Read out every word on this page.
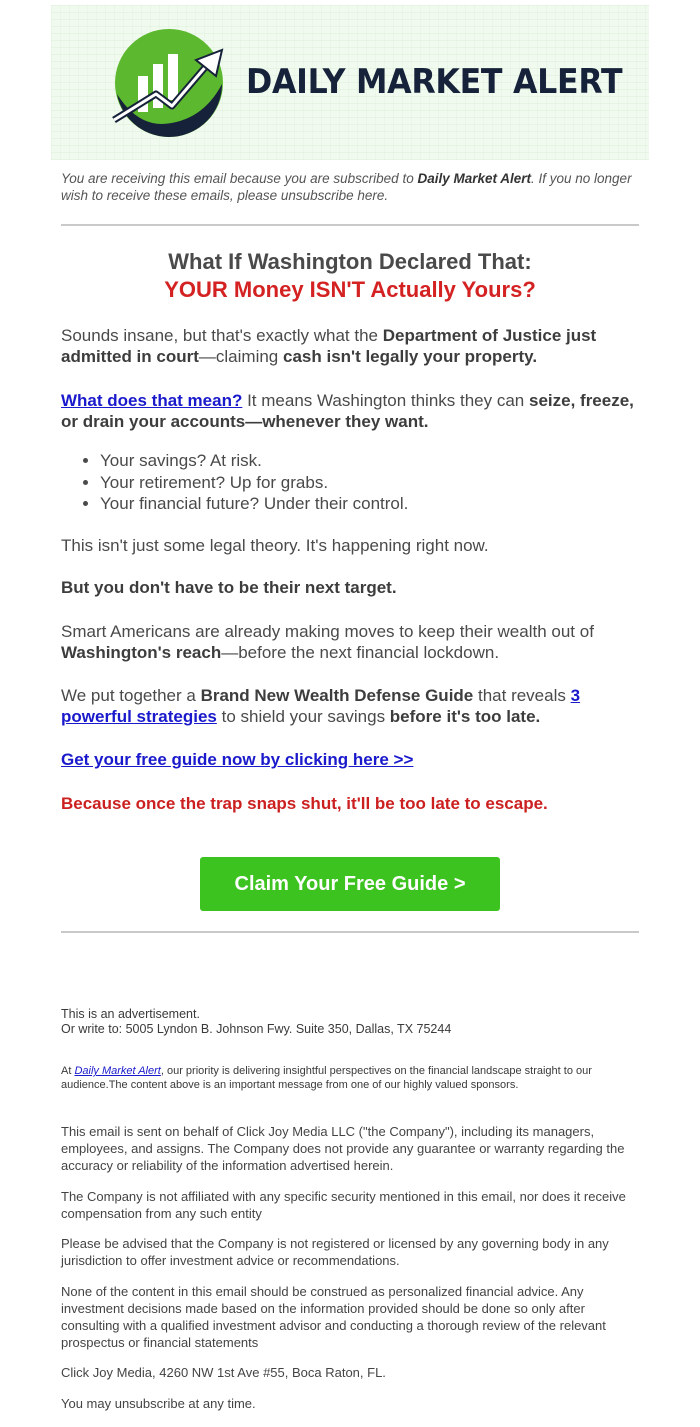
DAILY MARKET ALERT
You are receiving this email because you are subscribed to Daily Market Alert. If you no longer wish to receive these emails, please unsubscribe here.
What If Washington Declared That:
YOUR Money ISN'T Actually Yours?
Sounds insane, but that's exactly what the Department of Justice just admitted in court—claiming cash isn't legally your property.
What does that mean? It means Washington thinks they can seize, freeze, or drain your accounts—whenever they want.
• Your savings? At risk.
• Your retirement? Up for grabs.
• Your financial future? Under their control.
This isn't just some legal theory. It's happening right now.
But you don't have to be their next target.
Smart Americans are already making moves to keep their wealth out of Washington's reach—before the next financial lockdown.
We put together a Brand New Wealth Defense Guide that reveals 3 powerful strategies to shield your savings before it's too late.
Get your free guide now by clicking here >>
Because once the trap snaps shut, it'll be too late to escape.
Claim Your Free Guide >
This is an advertisement.
Or write to: 5005 Lyndon B. Johnson Fwy. Suite 350, Dallas, TX 75244
At Daily Market Alert, our priority is delivering insightful perspectives on the financial landscape straight to our audience.The content above is an important message from one of our highly valued sponsors.
This email is sent on behalf of Click Joy Media LLC ("the Company"), including its managers, employees, and assigns. The Company does not provide any guarantee or warranty regarding the accuracy or reliability of the information advertised herein.
The Company is not affiliated with any specific security mentioned in this email, nor does it receive compensation from any such entity
Please be advised that the Company is not registered or licensed by any governing body in any jurisdiction to offer investment advice or recommendations.
None of the content in this email should be construed as personalized financial advice. Any investment decisions made based on the information provided should be done so only after consulting with a qualified investment advisor and conducting a thorough review of the relevant prospectus or financial statements
Click Joy Media, 4260 NW 1st Ave #55, Boca Raton, FL.
You may unsubscribe at any time.
